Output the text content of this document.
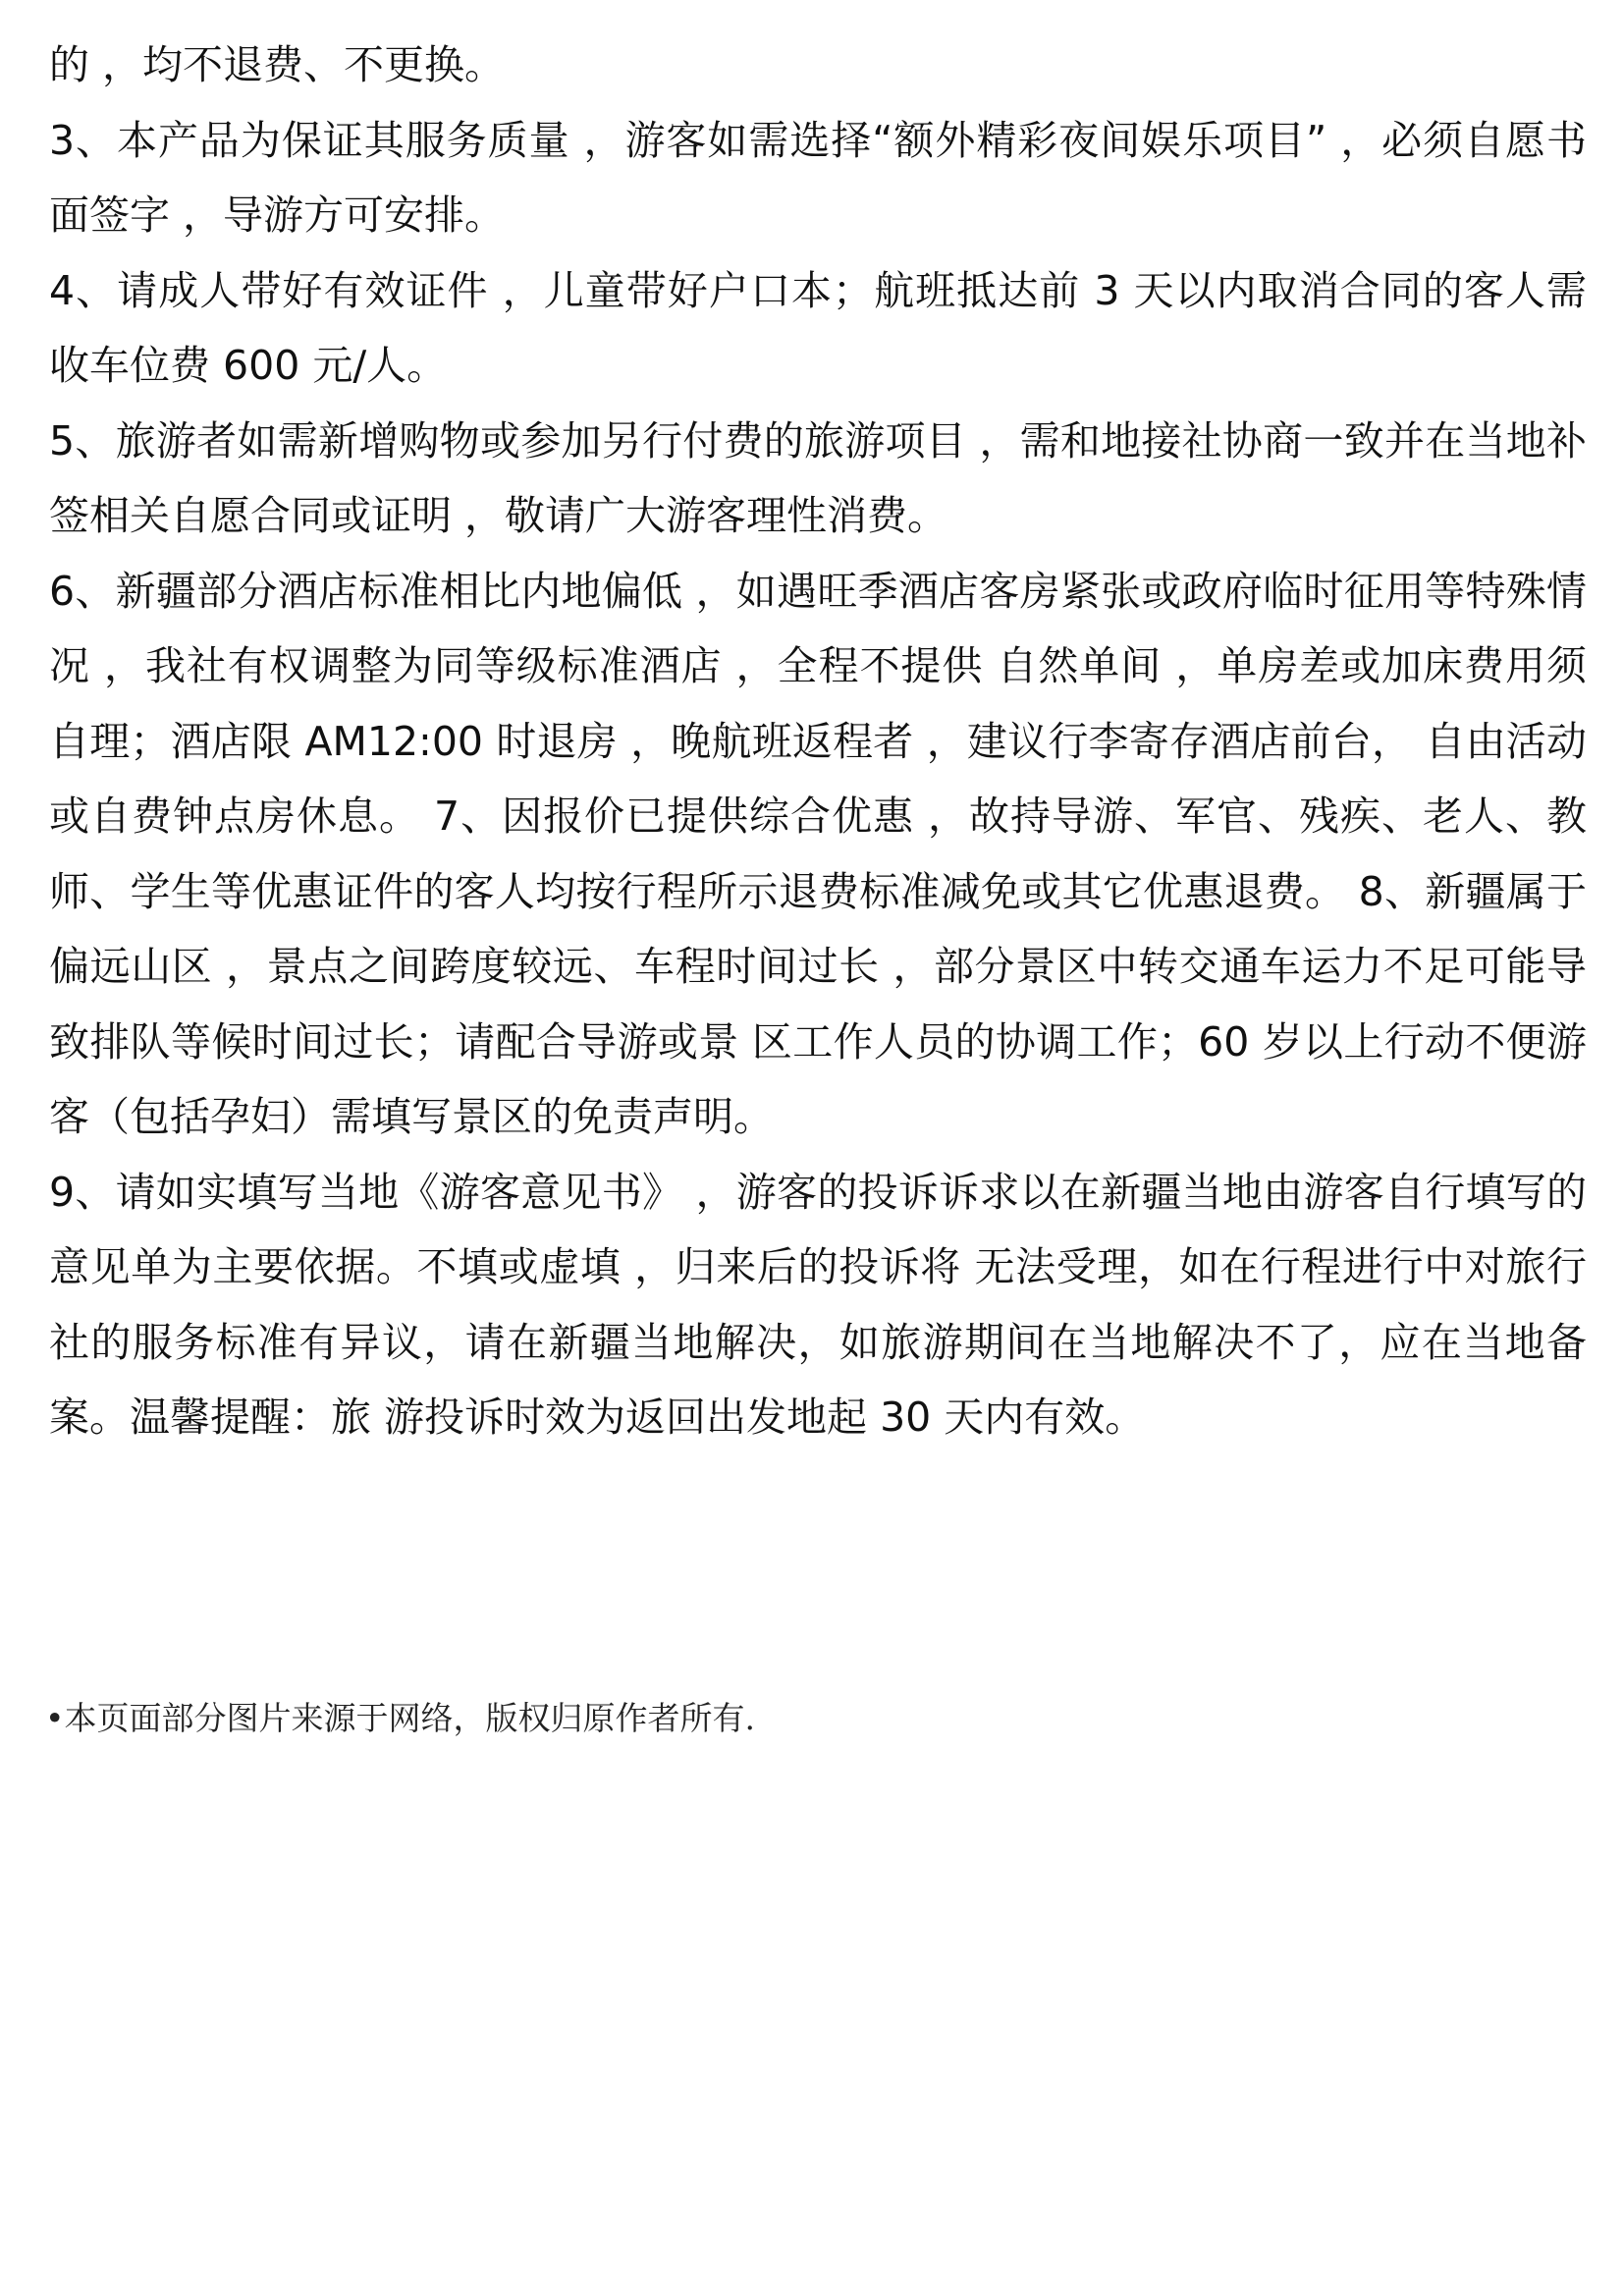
的 ，均不退费、不更换。

3、本产品为保证其服务质量 ，游客如需选择“额外精彩夜间娱乐项目” ，必须自愿书面签字 ，导游方可安排。

4、请成人带好有效证件 ，儿童带好户口本；航班抵达前 3 天以内取消合同的客人需收车位费 600 元/人。

5、旅游者如需新增购物或参加另行付费的旅游项目 ，需和地接社协商一致并在当地补签相关自愿合同或证明 ，敬请广大游客理性消费。

6、新疆部分酒店标准相比内地偏低 ，如遇旺季酒店客房紧张或政府临时征用等特殊情况 ，我社有权调整为同等级标准酒店 ，全程不提供 自然单间 ，单房差或加床费用须自理；酒店限 AM12:00 时退房 ，晚航班返程者 ，建议行李寄存酒店前台， 自由活动或自费钟点房休息。 7、因报价已提供综合优惠 ，故持导游、军官、残疾、老人、教师、学生等优惠证件的客人均按行程所示退费标准减免或其它优惠退费。 8、新疆属于偏远山区 ，景点之间跨度较远、车程时间过长 ，部分景区中转交通车运力不足可能导致排队等候时间过长；请配合导游或景 区工作人员的协调工作；60 岁以上行动不便游客（包括孕妇）需填写景区的免责声明。

9、请如实填写当地《游客意见书》 ，游客的投诉诉求以在新疆当地由游客自行填写的意见单为主要依据。不填或虚填 ，归来后的投诉将 无法受理，如在行程进行中对旅行社的服务标准有异议，请在新疆当地解决，如旅游期间在当地解决不了，应在当地备案。温馨提醒：旅 游投诉时效为返回出发地起 30 天内有效。

•本页面部分图片来源于网络，版权归原作者所有.
